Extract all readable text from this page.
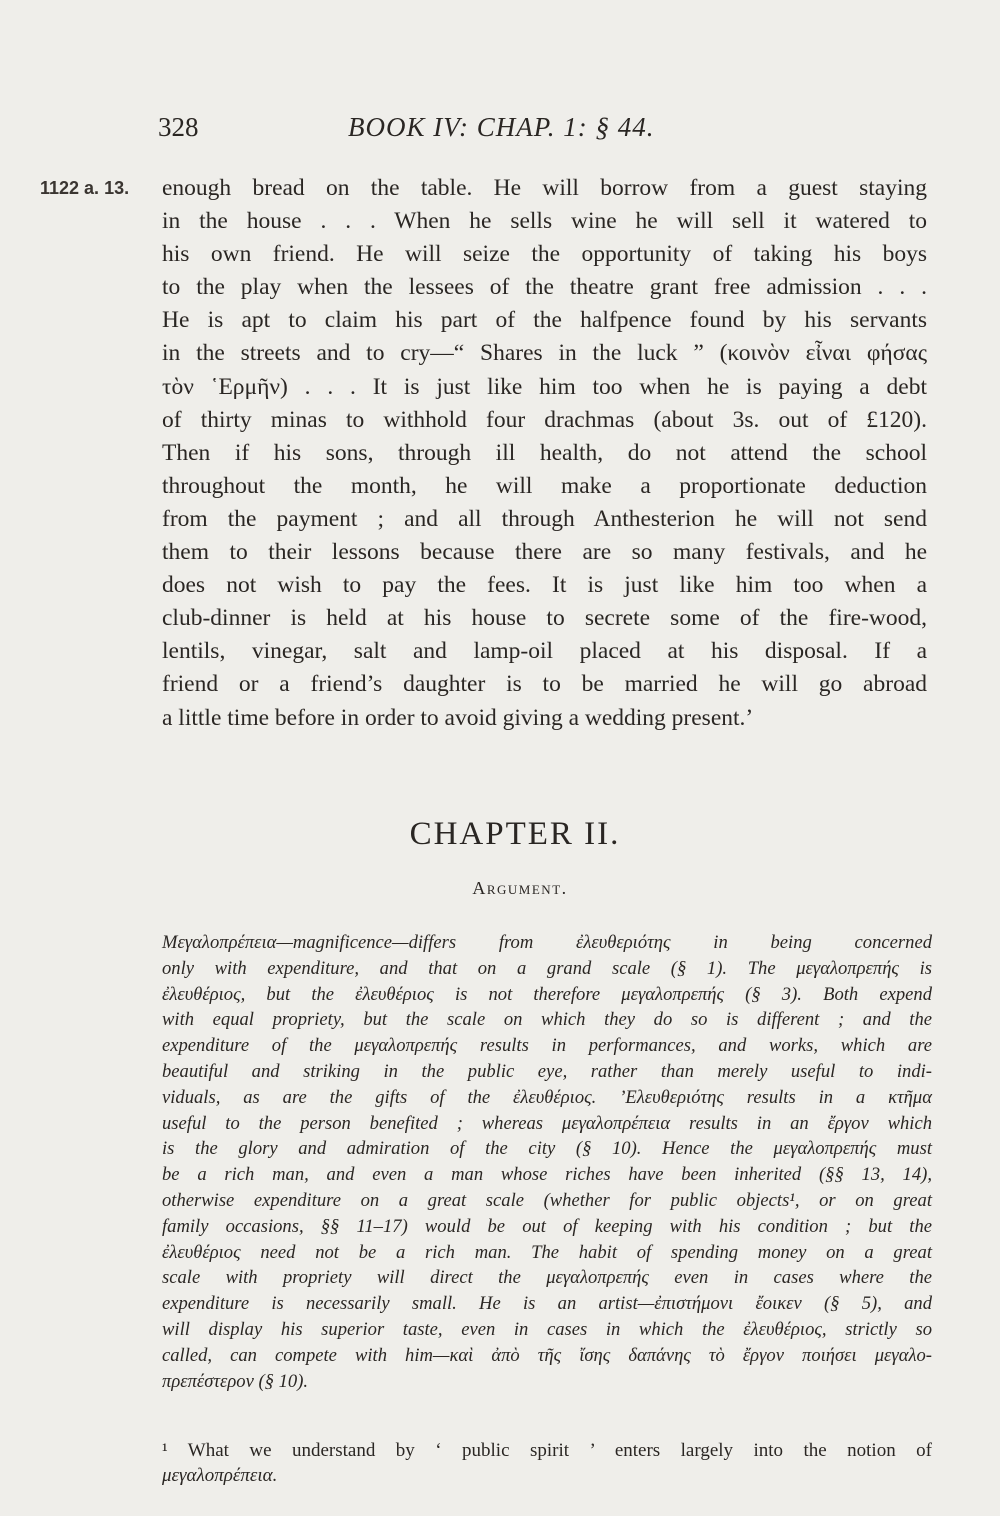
328	BOOK IV: CHAP. 1: § 44.
1122 a. 13. enough bread on the table. He will borrow from a guest staying
in the house . . . When he sells wine he will sell it watered to
his own friend. He will seize the opportunity of taking his boys
to the play when the lessees of the theatre grant free admission . . .
He is apt to claim his part of the halfpence found by his servants
in the streets and to cry—“ Shares in the luck ” (κοινὸν εἶναι φήσας
τὸν ῾Ερμῆν) . . . It is just like him too when he is paying a debt
of thirty minas to withhold four drachmas (about 3s. out of £120).
Then if his sons, through ill health, do not attend the school
throughout the month, he will make a proportionate deduction
from the payment ; and all through Anthesterion he will not send
them to their lessons because there are so many festivals, and he
does not wish to pay the fees. It is just like him too when a
club-dinner is held at his house to secrete some of the fire-wood,
lentils, vinegar, salt and lamp-oil placed at his disposal. If a
friend or a friend’s daughter is to be married he will go abroad
a little time before in order to avoid giving a wedding present.’
CHAPTER II.
Argument.
Μεγαλοπρέπεια—magnificence—differs from ἐλευθεριότης in being concerned
only with expenditure, and that on a grand scale (§ 1). The μεγαλοπρεπής is
ἐλευθέριος, but the ἐλευθέριος is not therefore μεγαλοπρεπής (§ 3). Both expend
with equal propriety, but the scale on which they do so is different ; and the
expenditure of the μεγαλοπρεπής results in performances, and works, which are
beautiful and striking in the public eye, rather than merely useful to indi-
viduals, as are the gifts of the ἐλευθέριος. ’Ελευθεριότης results in a κτῆμα
useful to the person benefited ; whereas μεγαλοπρέπεια results in an ἔργον which
is the glory and admiration of the city (§ 10). Hence the μεγαλοπρεπής must
be a rich man, and even a man whose riches have been inherited (§§ 13, 14),
otherwise expenditure on a great scale (whether for public objects¹, or on great
family occasions, §§ 11–17) would be out of keeping with his condition ; but the
ἐλευθέριος need not be a rich man. The habit of spending money on a great
scale with propriety will direct the μεγαλοπρεπής even in cases where the
expenditure is necessarily small. He is an artist—ἐπιστήμονι ἔοικεν (§ 5), and
will display his superior taste, even in cases in which the ἐλευθέριος, strictly so
called, can compete with him—καὶ ἀπὸ τῆς ἴσης δαπάνης τὸ ἔργον ποιήσει μεγαλο-
πρεπέστερον (§ 10).
¹ What we understand by ‘ public spirit ’ enters largely into the notion of
μεγαλοπρέπεια.
